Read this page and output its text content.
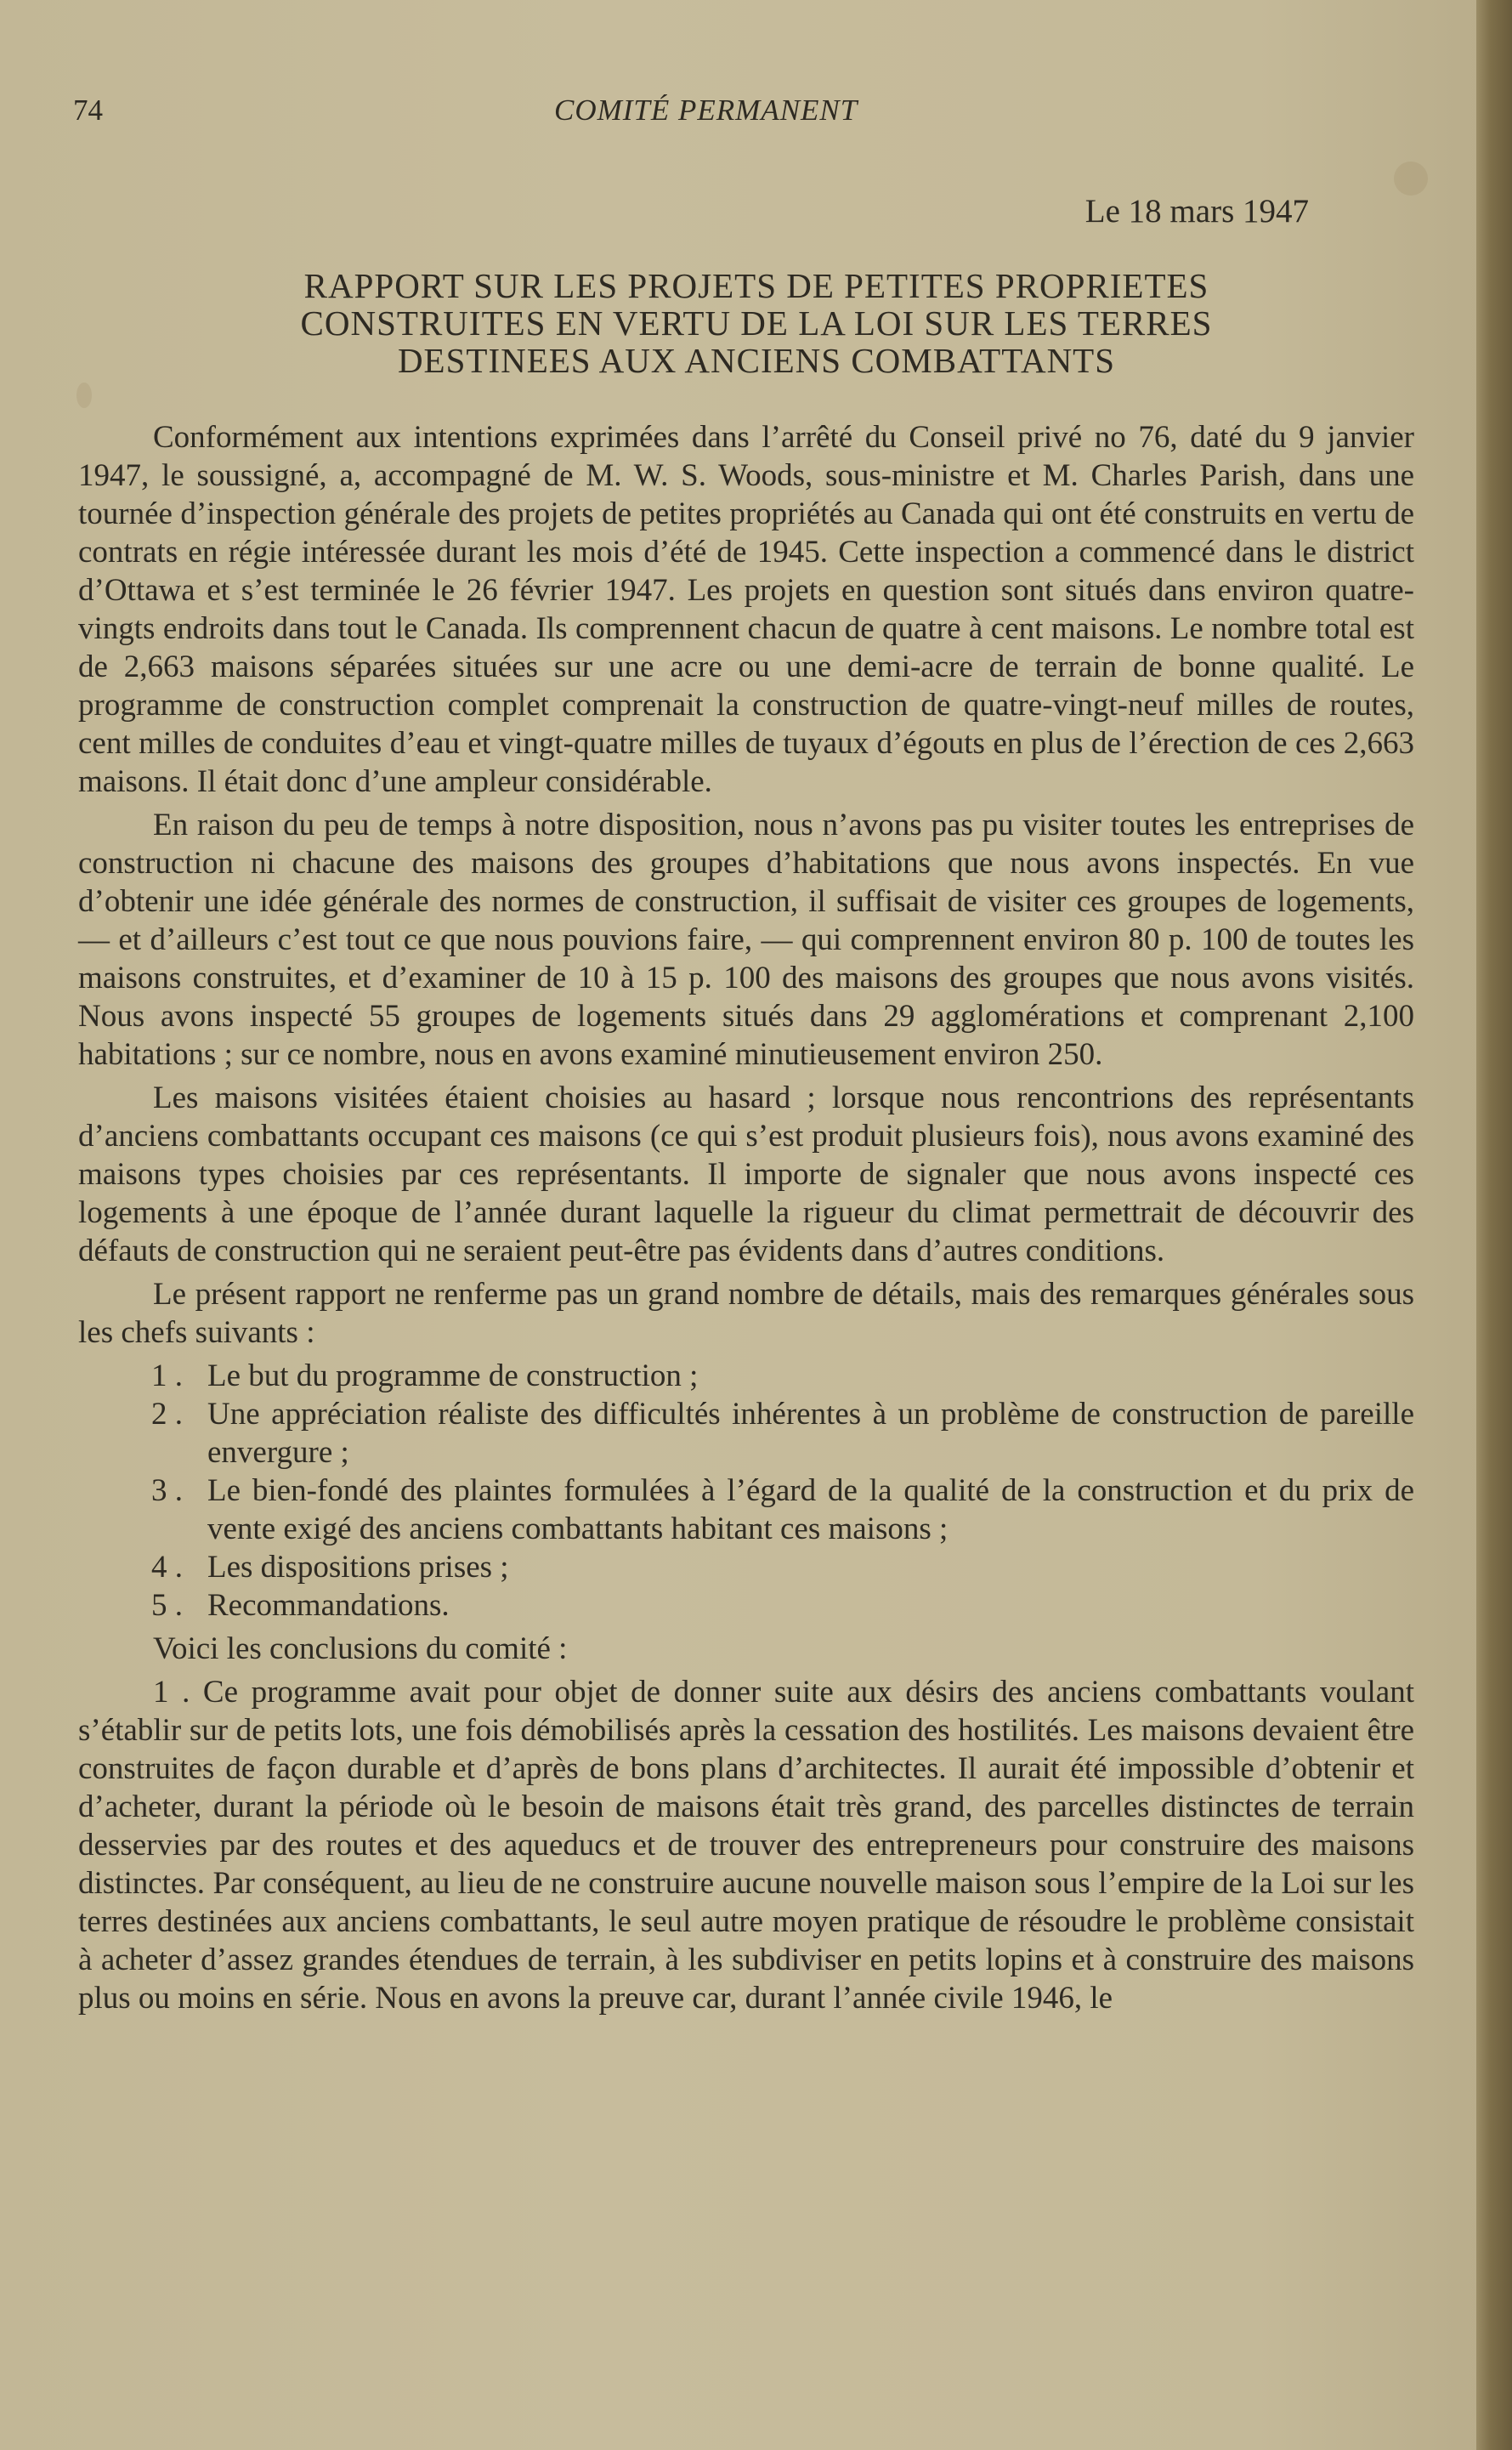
74	COMITÉ PERMANENT
Le 18 mars 1947
RAPPORT SUR LES PROJETS DE PETITES PROPRIETES
CONSTRUITES EN VERTU DE LA LOI SUR LES TERRES
DESTINEES AUX ANCIENS COMBATTANTS

Conformément aux intentions exprimées dans l’arrêté du Conseil privé no 76, daté du 9 janvier 1947, le soussigné, a, accompagné de M. W. S. Woods, sous-ministre et M. Charles Parish, dans une tournée d’inspection générale des projets de petites propriétés au Canada qui ont été construits en vertu de contrats en régie intéressée durant les mois d’été de 1945. Cette inspection a commencé dans le district d’Ottawa et s’est terminée le 26 février 1947. Les projets en question sont situés dans environ quatre-vingts endroits dans tout le Canada. Ils comprennent chacun de quatre à cent maisons. Le nombre total est de 2,663 maisons séparées situées sur une acre ou une demi-acre de terrain de bonne qualité. Le programme de construction complet comprenait la construction de quatre-vingt-neuf milles de routes, cent milles de conduites d’eau et vingt-quatre milles de tuyaux d’égouts en plus de l’érection de ces 2,663 maisons. Il était donc d’une ampleur considérable.

En raison du peu de temps à notre disposition, nous n’avons pas pu visiter toutes les entreprises de construction ni chacune des maisons des groupes d’habitations que nous avons inspectés. En vue d’obtenir une idée générale des normes de construction, il suffisait de visiter ces groupes de logements, — et d’ailleurs c’est tout ce que nous pouvions faire, — qui comprennent environ 80 p. 100 de toutes les maisons construites, et d’examiner de 10 à 15 p. 100 des maisons des groupes que nous avons visités. Nous avons inspecté 55 groupes de logements situés dans 29 agglomérations et comprenant 2,100 habitations ; sur ce nombre, nous en avons examiné minutieusement environ 250.

Les maisons visitées étaient choisies au hasard ; lorsque nous rencontrions des représentants d’anciens combattants occupant ces maisons (ce qui s’est produit plusieurs fois), nous avons examiné des maisons types choisies par ces représentants. Il importe de signaler que nous avons inspecté ces logements à une époque de l’année durant laquelle la rigueur du climat permettrait de découvrir des défauts de construction qui ne seraient peut-être pas évidents dans d’autres conditions.

Le présent rapport ne renferme pas un grand nombre de détails, mais des remarques générales sous les chefs suivants :

1 . Le but du programme de construction ;
2 . Une appréciation réaliste des difficultés inhérentes à un problème de construction de pareille envergure ;
3 . Le bien-fondé des plaintes formulées à l’égard de la qualité de la construction et du prix de vente exigé des anciens combattants habitant ces maisons ;
4 . Les dispositions prises ;
5 . Recommandations.

Voici les conclusions du comité :

1 . Ce programme avait pour objet de donner suite aux désirs des anciens combattants voulant s’établir sur de petits lots, une fois démobilisés après la cessation des hostilités. Les maisons devaient être construites de façon durable et d’après de bons plans d’architectes. Il aurait été impossible d’obtenir et d’acheter, durant la période où le besoin de maisons était très grand, des parcelles distinctes de terrain desservies par des routes et des aqueducs et de trouver des entrepreneurs pour construire des maisons distinctes. Par conséquent, au lieu de ne construire aucune nouvelle maison sous l’empire de la Loi sur les terres destinées aux anciens combattants, le seul autre moyen pratique de résoudre le problème consistait à acheter d’assez grandes étendues de terrain, à les subdiviser en petits lopins et à construire des maisons plus ou moins en série. Nous en avons la preuve car, durant l’année civile 1946, le
